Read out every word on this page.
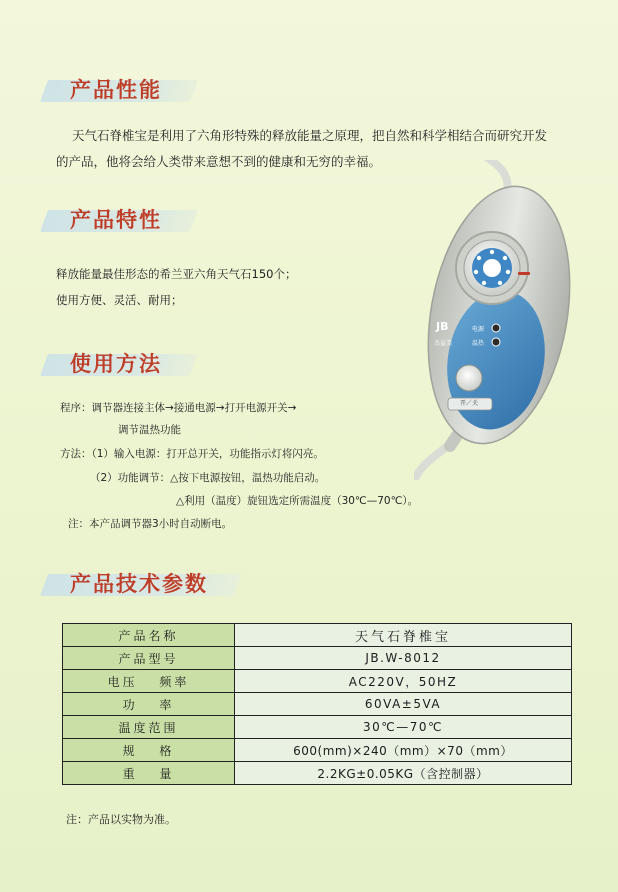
产品性能
天气石脊椎宝是利用了六角形特殊的释放能量之原理，把自然和科学相结合而研究开发
的产品，他将会给人类带来意想不到的健康和无穷的幸福。
产品特性
释放能量最佳形态的希兰亚六角天气石150个；
使用方便、灵活、耐用；
使用方法
程序：调节器连接主体→接通电源→打开电源开关→
调节温热功能
方法：（1）输入电源：打开总开关，功能指示灯将闪亮。
（2）功能调节：△按下电源按钮，温热功能启动。
△利用（温度）旋钮选定所需温度（30℃—70℃）。
注：本产品调节器3小时自动断电。
产品技术参数
产品名称	天气石脊椎宝
产品型号	JB.W-8012
电压　 频率	AC220V，50HZ
功　 率	60VA±5VA
温度范围	30℃—70℃
规　 格	600(mm)×240（mm）×70（mm）
重　 量	2.2KG±0.05KG（含控制器）
注：产品以实物为准。
JB
杰益美
电源
温热
开／关
